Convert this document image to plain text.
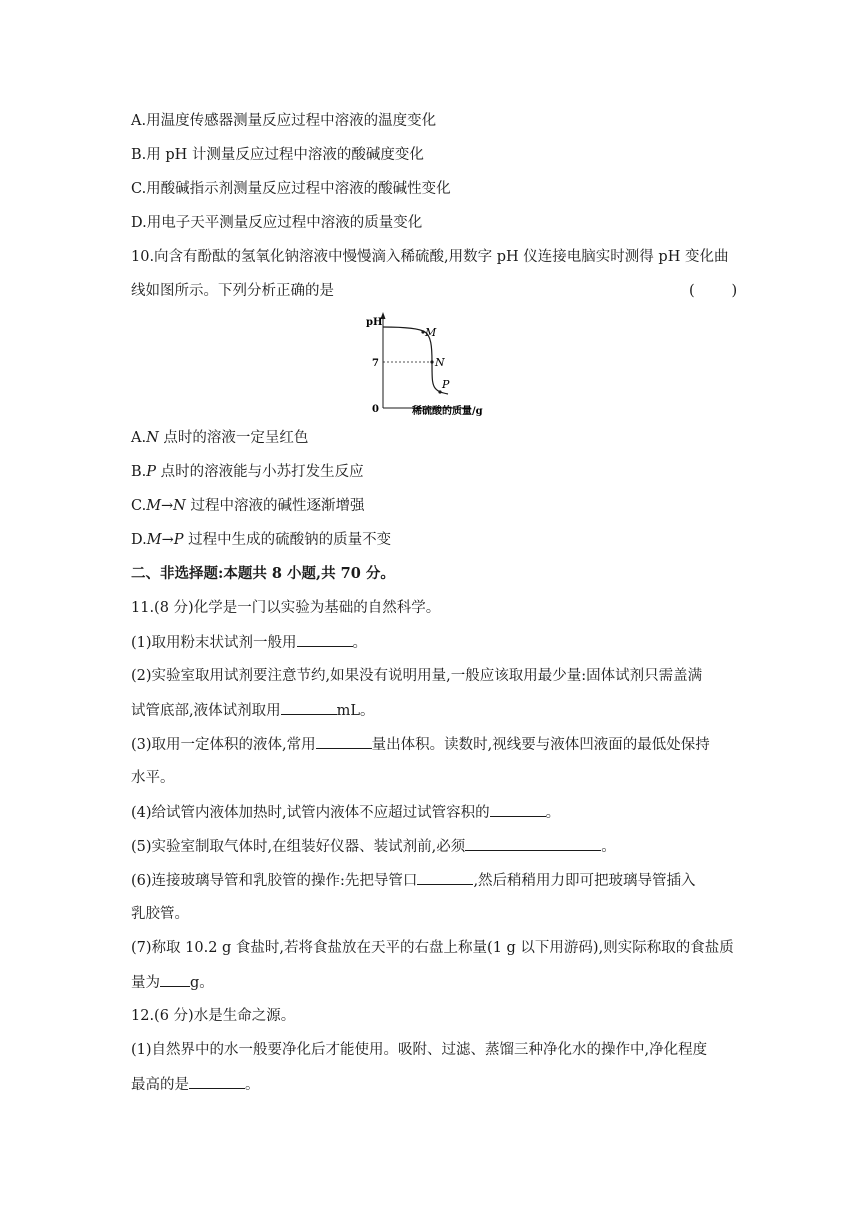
A.用温度传感器测量反应过程中溶液的温度变化
B.用 pH 计测量反应过程中溶液的酸碱度变化
C.用酸碱指示剂测量反应过程中溶液的酸碱性变化
D.用电子天平测量反应过程中溶液的质量变化
10.向含有酚酞的氢氧化钠溶液中慢慢滴入稀硫酸,用数字 pH 仪连接电脑实时测得 pH 变化曲
线如图所示。下列分析正确的是	(        )
pH
0
7
M
N
P
稀硫酸的质量/g
A.N 点时的溶液一定呈红色
B.P 点时的溶液能与小苏打发生反应
C.M→N 过程中溶液的碱性逐渐增强
D.M→P 过程中生成的硫酸钠的质量不变
二、非选择题:本题共 8 小题,共 70 分。
11.(8 分)化学是一门以实验为基础的自然科学。
(1)取用粉末状试剂一般用	。
(2)实验室取用试剂要注意节约,如果没有说明用量,一般应该取用最少量:固体试剂只需盖满
试管底部,液体试剂取用	mL。
(3)取用一定体积的液体,常用	量出体积。读数时,视线要与液体凹液面的最低处保持
水平。
(4)给试管内液体加热时,试管内液体不应超过试管容积的	。
(5)实验室制取气体时,在组装好仪器、装试剂前,必须	。
(6)连接玻璃导管和乳胶管的操作:先把导管口	,然后稍稍用力即可把玻璃导管插入
乳胶管。
(7)称取 10.2 g 食盐时,若将食盐放在天平的右盘上称量(1 g 以下用游码),则实际称取的食盐质
量为 g。
12.(6 分)水是生命之源。
(1)自然界中的水一般要净化后才能使用。吸附、过滤、蒸馏三种净化水的操作中,净化程度
最高的是	。
